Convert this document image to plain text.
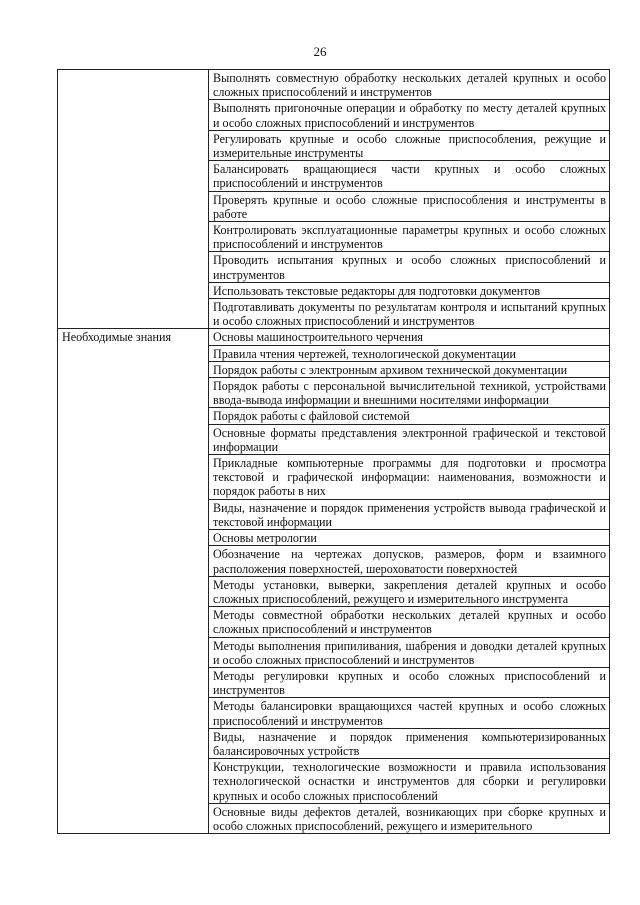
26
	Выполнять совместную обработку нескольких деталей крупных и особо сложных приспособлений и инструментов
	Выполнять пригоночные операции и обработку по месту деталей крупных и особо сложных приспособлений и инструментов
	Регулировать крупные и особо сложные приспособления, режущие и измерительные инструменты
	Балансировать вращающиеся части крупных и особо сложных приспособлений и инструментов
	Проверять крупные и особо сложные приспособления и инструменты в работе
	Контролировать эксплуатационные параметры крупных и особо сложных приспособлений и инструментов
	Проводить испытания крупных и особо сложных приспособлений и инструментов
	Использовать текстовые редакторы для подготовки документов
	Подготавливать документы по результатам контроля и испытаний крупных и особо сложных приспособлений и инструментов
Необходимые знания	Основы машиностроительного черчения
	Правила чтения чертежей, технологической документации
	Порядок работы с электронным архивом технической документации
	Порядок работы с персональной вычислительной техникой, устройствами ввода-вывода информации и внешними носителями информации
	Порядок работы с файловой системой
	Основные форматы представления электронной графической и текстовой информации
	Прикладные компьютерные программы для подготовки и просмотра текстовой и графической информации: наименования, возможности и порядок работы в них
	Виды, назначение и порядок применения устройств вывода графической и текстовой информации
	Основы метрологии
	Обозначение на чертежах допусков, размеров, форм и взаимного расположения поверхностей, шероховатости поверхностей
	Методы установки, выверки, закрепления деталей крупных и особо сложных приспособлений, режущего и измерительного инструмента
	Методы совместной обработки нескольких деталей крупных и особо сложных приспособлений и инструментов
	Методы выполнения припиливания, шабрения и доводки деталей крупных и особо сложных приспособлений и инструментов
	Методы регулировки крупных и особо сложных приспособлений и инструментов
	Методы балансировки вращающихся частей крупных и особо сложных приспособлений и инструментов
	Виды, назначение и порядок применения компьютеризированных балансировочных устройств
	Конструкции, технологические возможности и правила использования технологической оснастки и инструментов для сборки и регулировки крупных и особо сложных приспособлений
	Основные виды дефектов деталей, возникающих при сборке крупных и особо сложных приспособлений, режущего и измерительного
